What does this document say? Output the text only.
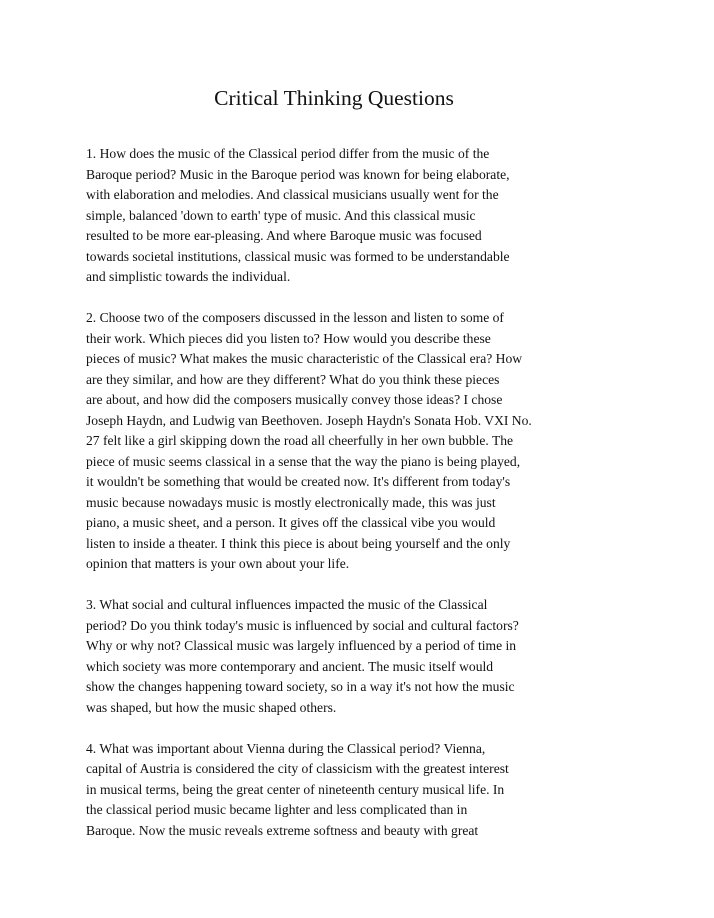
Critical Thinking Questions
1. How does the music of the Classical period differ from the music of the
Baroque period? Music in the Baroque period was known for being elaborate,
with elaboration and melodies. And classical musicians usually went for the
simple, balanced 'down to earth' type of music. And this classical music
resulted to be more ear-pleasing. And where Baroque music was focused
towards societal institutions, classical music was formed to be understandable
and simplistic towards the individual.
2. Choose two of the composers discussed in the lesson and listen to some of
their work. Which pieces did you listen to? How would you describe these
pieces of music? What makes the music characteristic of the Classical era? How
are they similar, and how are they different? What do you think these pieces
are about, and how did the composers musically convey those ideas? I chose
Joseph Haydn, and Ludwig van Beethoven. Joseph Haydn's Sonata Hob. VXI No.
27 felt like a girl skipping down the road all cheerfully in her own bubble. The
piece of music seems classical in a sense that the way the piano is being played,
it wouldn't be something that would be created now. It's different from today's
music because nowadays music is mostly electronically made, this was just
piano, a music sheet, and a person. It gives off the classical vibe you would
listen to inside a theater. I think this piece is about being yourself and the only
opinion that matters is your own about your life.
3. What social and cultural influences impacted the music of the Classical
period? Do you think today's music is influenced by social and cultural factors?
Why or why not? Classical music was largely influenced by a period of time in
which society was more contemporary and ancient. The music itself would
show the changes happening toward society, so in a way it's not how the music
was shaped, but how the music shaped others.
4. What was important about Vienna during the Classical period? Vienna,
capital of Austria is considered the city of classicism with the greatest interest
in musical terms, being the great center of nineteenth century musical life. In
the classical period music became lighter and less complicated than in
Baroque. Now the music reveals extreme softness and beauty with great
